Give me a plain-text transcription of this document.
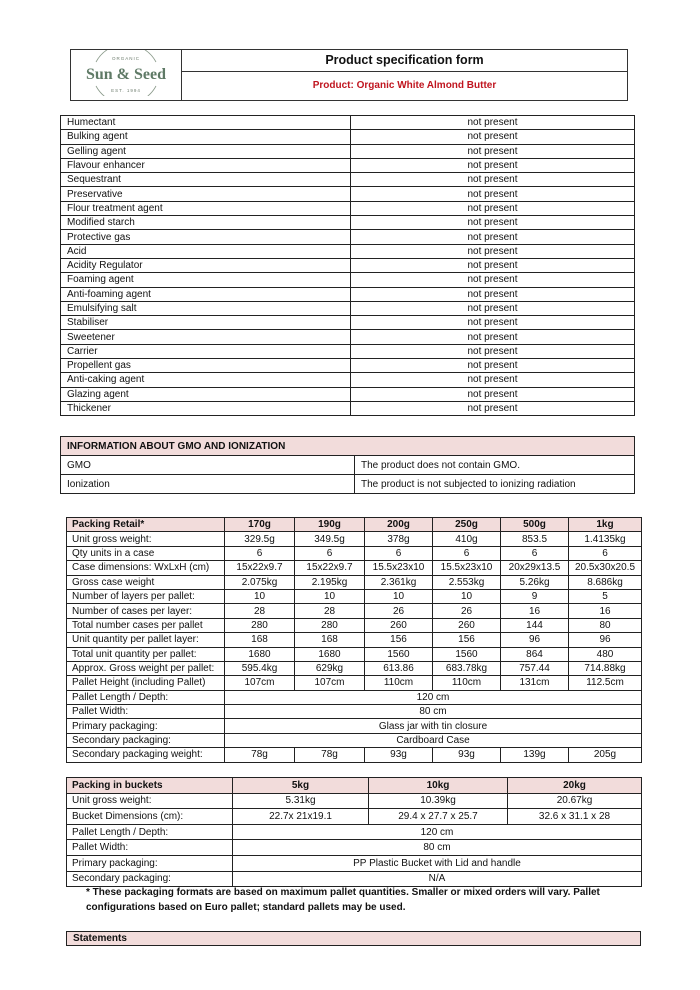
ORGANIC
Sun & Seed
EST. 1994
	Product specification form
Product: Organic White Almond Butter
Humectant	not present
Bulking agent	not present
Gelling agent	not present
Flavour enhancer	not present
Sequestrant	not present
Preservative	not present
Flour treatment agent	not present
Modified starch	not present
Protective gas	not present
Acid	not present
Acidity Regulator	not present
Foaming agent	not present
Anti-foaming agent	not present
Emulsifying salt	not present
Stabiliser	not present
Sweetener	not present
Carrier	not present
Propellent gas	not present
Anti-caking agent	not present
Glazing agent	not present
Thickener	not present
INFORMATION ABOUT GMO AND IONIZATION	
GMO	The product does not contain GMO.
Ionization	The product is not subjected to ionizing radiation
Packing Retail*	170g	190g	200g	250g	500g	1kg
Unit gross weight:	329.5g	349.5g	378g	410g	853.5	1.4135kg
Qty units in a case	6	6	6	6	6	6
Case dimensions: WxLxH (cm)	15x22x9.7	15x22x9.7	15.5x23x10	15.5x23x10	20x29x13.5	20.5x30x20.5
Gross case weight	2.075kg	2.195kg	2.361kg	2.553kg	5.26kg	8.686kg
Number of layers per pallet:	10	10	10	10	9	5
Number of cases per layer:	28	28	26	26	16	16
Total number cases per pallet	280	280	260	260	144	80
Unit quantity per pallet layer:	168	168	156	156	96	96
Total unit quantity per pallet:	1680	1680	1560	1560	864	480
Approx. Gross weight per pallet:	595.4kg	629kg	613.86	683.78kg	757.44	714.88kg
Pallet Height (including Pallet)	107cm	107cm	110cm	110cm	131cm	112.5cm
Pallet Length / Depth:	120 cm					
Pallet Width:	80 cm					
Primary packaging:	Glass jar with tin closure					
Secondary packaging:	Cardboard Case					
Secondary packaging weight:	78g	78g	93g	93g	139g	205g
Packing in buckets	5kg	10kg	20kg
Unit gross weight:	5.31kg	10.39kg	20.67kg
Bucket Dimensions (cm):	22.7x 21x19.1	29.4 x 27.7 x 25.7	32.6 x 31.1 x 28
Pallet Length / Depth:	120 cm		
Pallet Width:	80 cm		
Primary packaging:	PP Plastic Bucket with Lid and handle		
Secondary packaging:	N/A		
* These packaging formats are based on maximum pallet quantities. Smaller or mixed orders will vary. Pallet configurations based on Euro pallet; standard pallets may be used.
Statements
